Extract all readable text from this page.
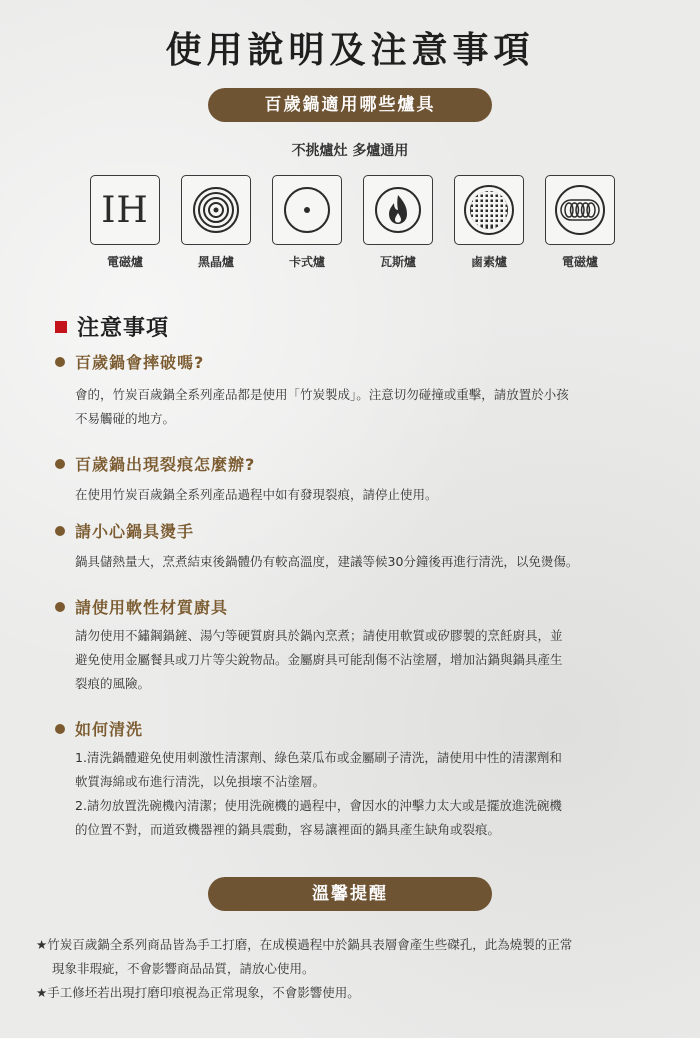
使用說明及注意事項
百歲鍋適用哪些爐具
不挑爐灶 多爐通用
IH
電磁爐	黑晶爐	卡式爐	瓦斯爐	鹵素爐	電磁爐
注意事項
百歲鍋會摔破嗎?
會的，竹炭百歲鍋全系列產品都是使用「竹炭製成」。注意切勿碰撞或重擊，請放置於小孩
不易觸碰的地方。
百歲鍋出現裂痕怎麼辦?
在使用竹炭百歲鍋全系列產品過程中如有發現裂痕，請停止使用。
請小心鍋具燙手
鍋具儲熱量大，烹煮結束後鍋體仍有較高溫度，建議等候30分鐘後再進行清洗，以免燙傷。
請使用軟性材質廚具
請勿使用不鏽鋼鍋鏟、湯勺等硬質廚具於鍋內烹煮；請使用軟質或矽膠製的烹飪廚具，並
避免使用金屬餐具或刀片等尖銳物品。金屬廚具可能刮傷不沾塗層，增加沾鍋與鍋具產生
裂痕的風險。
如何清洗
1.清洗鍋體避免使用刺激性清潔劑、綠色菜瓜布或金屬刷子清洗，請使用中性的清潔劑和
軟質海綿或布進行清洗，以免損壞不沾塗層。
2.請勿放置洗碗機內清潔；使用洗碗機的過程中，會因水的沖擊力太大或是擺放進洗碗機
的位置不對，而道致機器裡的鍋具震動，容易讓裡面的鍋具產生缺角或裂痕。
溫馨提醒
★竹炭百歲鍋全系列商品皆為手工打磨，在成模過程中於鍋具表層會產生些磔孔，此為燒製的正常
現象非瑕疵，不會影響商品品質，請放心使用。
★手工修坯若出現打磨印痕視為正常現象，不會影響使用。
